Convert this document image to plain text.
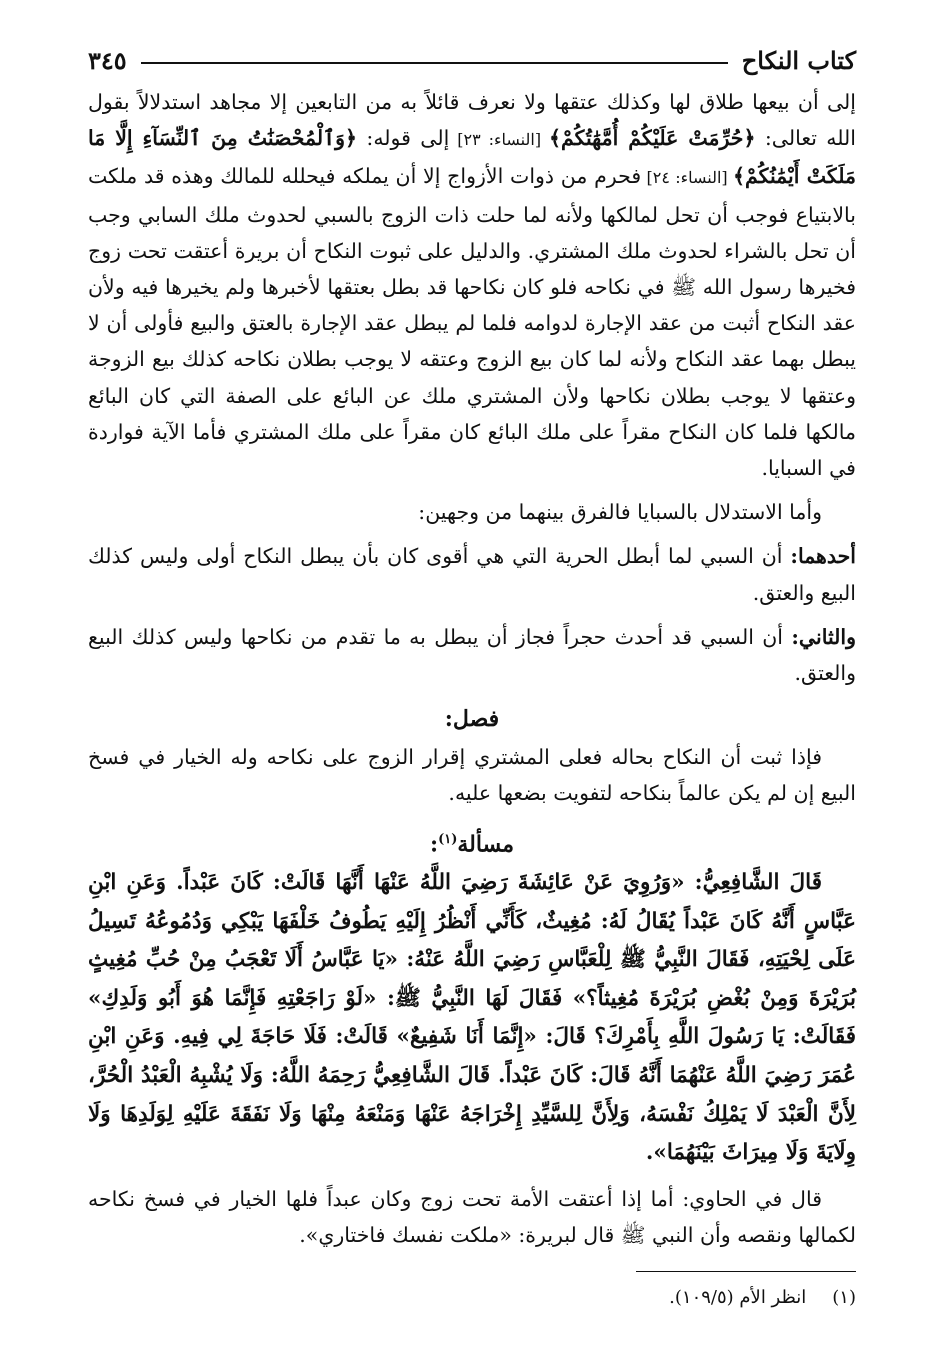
كتاب النكاح
٣٤٥

إلى أن بيعها طلاق لها وكذلك عتقها ولا نعرف قائلاً به من التابعين إلا مجاهد استدلالاً بقول الله تعالى: ﴿حُرِّمَتْ عَلَيْكُمْ أُمَّهَٰتُكُمْ﴾ [النساء: ٢٣] إلى قوله: ﴿وَٱلْمُحْصَنَٰتُ مِنَ ٱلنِّسَآءِ إِلَّا مَا مَلَكَتْ أَيْمَٰنُكُمْ﴾ [النساء: ٢٤] فحرم من ذوات الأزواج إلا أن يملكه فيحلله للمالك وهذه قد ملكت بالابتياع فوجب أن تحل لمالكها ولأنه لما حلت ذات الزوج بالسبي لحدوث ملك السابي وجب أن تحل بالشراء لحدوث ملك المشتري. والدليل على ثبوت النكاح أن بريرة أعتقت تحت زوج فخيرها رسول الله ﷺ في نكاحه فلو كان نكاحها قد بطل بعتقها لأخبرها ولم يخيرها فيه ولأن عقد النكاح أثبت من عقد الإجارة لدوامه فلما لم يبطل عقد الإجارة بالعتق والبيع فأولى أن لا يبطل بهما عقد النكاح ولأنه لما كان بيع الزوج وعتقه لا يوجب بطلان نكاحه كذلك بيع الزوجة وعتقها لا يوجب بطلان نكاحها ولأن المشتري ملك عن البائع على الصفة التي كان البائع مالكها فلما كان النكاح مقراً على ملك البائع كان مقراً على ملك المشتري فأما الآية فواردة في السبايا.

وأما الاستدلال بالسبايا فالفرق بينهما من وجهين:

أحدهما: أن السبي لما أبطل الحرية التي هي أقوى كان بأن يبطل النكاح أولى وليس كذلك البيع والعتق.

والثاني: أن السبي قد أحدث حجراً فجاز أن يبطل به ما تقدم من نكاحها وليس كذلك البيع والعتق.

فصل:

فإذا ثبت أن النكاح بحاله فعلى المشتري إقرار الزوج على نكاحه وله الخيار في فسخ البيع إن لم يكن عالماً بنكاحه لتفويت بضعها عليه.

مسألة$^{(١)}$:

قَالَ الشَّافِعِيُّ: «وَرُوِيَ عَنْ عَائِشَةَ رَضِيَ اللَّهُ عَنْهَا أَنَّهَا قَالَتْ: كَانَ عَبْداً. وَعَنِ ابْنِ عَبَّاسٍ أَنَّهُ كَانَ عَبْداً يُقَالُ لَهُ: مُغِيثٌ، كَأَنِّي أَنْظُرُ إِلَيْهِ يَطُوفُ خَلْفَهَا يَبْكِي وَدُمُوعُهُ تَسِيلُ عَلَى لِحْيَتِهِ، فَقَالَ النَّبِيُّ ﷺ لِلْعَبَّاسِ رَضِيَ اللَّهُ عَنْهُ: «يَا عَبَّاسُ أَلَا تَعْجَبُ مِنْ حُبِّ مُغِيثٍ بُرَيْرَةَ وَمِنْ بُغْضِ بُرَيْرَةَ مُغِيثاً؟» فَقَالَ لَهَا النَّبِيُّ ﷺ: «لَوْ رَاجَعْتِهِ فَإِنَّمَا هُوَ أَبُو وَلَدِكِ» فَقَالَتْ: يَا رَسُولَ اللَّهِ بِأَمْرِكَ؟ قَالَ: «إِنَّمَا أَنَا شَفِيعٌ» قَالَتْ: فَلَا حَاجَةَ لِي فِيهِ. وَعَنِ ابْنِ عُمَرَ رَضِيَ اللَّهُ عَنْهُمَا أَنَّهُ قَالَ: كَانَ عَبْداً. قَالَ الشَّافِعِيُّ رَحِمَهُ اللَّهُ: وَلَا يُشْبِهُ الْعَبْدُ الْحُرَّ، لِأَنَّ الْعَبْدَ لَا يَمْلِكُ نَفْسَهُ، وَلِأَنَّ لِلسَّيِّدِ إِخْرَاجَهُ عَنْهَا وَمَنْعَهُ مِنْهَا وَلَا نَفَقَةَ عَلَيْهِ لِوَلَدِهَا وَلَا وِلَايَةَ وَلَا مِيرَاثَ بَيْنَهُمَا».

قال في الحاوي: أما إذا أعتقت الأمة تحت زوج وكان عبداً فلها الخيار في فسخ نكاحه لكمالها ونقصه وأن النبي ﷺ قال لبريرة: «ملكت نفسك فاختاري».

(١)انظر الأم (١٠٩/٥).
